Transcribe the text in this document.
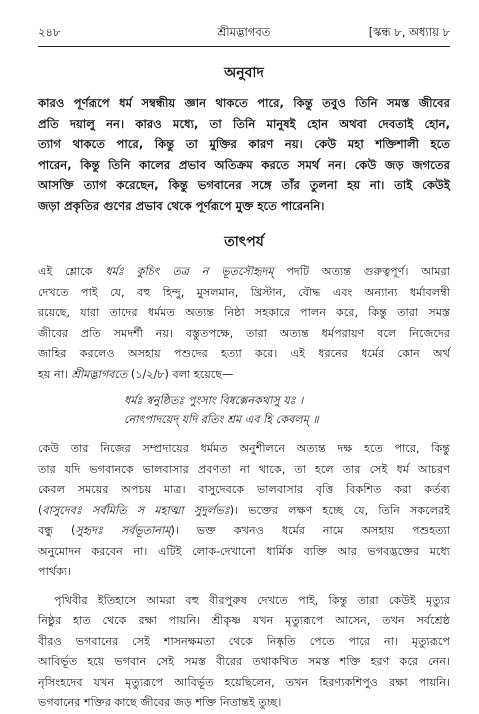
২৪৮	শ্রীমদ্ভাগবত	[স্কন্ধ ৮, অধ্যায় ৮
অনুবাদ

কারও পূর্ণরূপে ধর্ম সম্বন্ধীয় জ্ঞান থাকতে পারে, কিন্তু তবুও তিনি সমস্ত জীবের

প্রতি দয়ালু নন। কারও মধ্যে, তা তিনি মানুষই হোন অথবা দেবতাই হোন,

ত্যাগ থাকতে পারে, কিন্তু তা মুক্তির কারণ নয়। কেউ মহা শক্তিশালী হতে

পারেন, কিন্তু তিনি কালের প্রভাব অতিক্রম করতে সমর্থ নন। কেউ জড় জগতের

আসক্তি ত্যাগ করেছেন, কিন্তু ভগবানের সঙ্গে তাঁর তুলনা হয় না। তাই কেউই

জড়া প্রকৃতির গুণের প্রভাব থেকে পূর্ণরূপে মুক্ত হতে পারেননি।

তাৎপর্য

এই শ্লোকে ধর্মঃ কুচিৎ তত্র ন ভূতসৌহৃদম্‌ পদটি অত্যন্ত গুরুত্বপূর্ণ। আমরা

দেখতে পাই যে, বহু হিন্দু, মুসলমান, খ্রিস্টান, বৌদ্ধ এবং অন্যান্য ধর্মাবলম্বী

রয়েছে, যারা তাদের ধর্মমত অত্যন্ত নিষ্ঠা সহকারে পালন করে, কিন্তু তারা সমস্ত

জীবের প্রতি সমদর্শী নয়। বস্তুতপক্ষে, তারা অত্যন্ত ধর্মপরায়ণ বলে নিজেদের

জাহির করলেও অসহায় পশুদের হত্যা করে। এই ধরনের ধর্মের কোন অর্থ

হয় না। শ্রীমদ্ভাগবতে (১/২/৮) বলা হয়েছে—

ধর্মঃ স্বনুষ্ঠিতঃ পুংসাং বিষ্বক্সেনকথাসু যঃ ।
নোৎপাদয়েদ্‌ যদি রতিং শ্রম এব হি কেবলম্‌ ॥

কেউ তার নিজের সম্প্রদায়ের ধর্মমত অনুশীলনে অত্যন্ত দক্ষ হতে পারে, কিন্তু

তার যদি ভগবানকে ভালবাসার প্রবণতা না থাকে, তা হলে তার সেই ধর্ম আচরণ

কেবল সময়ের অপচয় মাত্র। বাসুদেবকে ভালবাসার বৃত্তি বিকশিত করা কর্তব্য

(বাসুদেবঃ সর্বমিতি স মহাত্মা সুদুর্লভঃ)। ভক্তের লক্ষণ হচ্ছে যে, তিনি সকলেরই

বন্ধু (সুহৃদঃ সর্বভূতানাম্)। ভক্ত কখনও ধর্মের নামে অসহায় পশুহত্যা

অনুমোদন করবেন না। এটিই লোক-দেখানো ধার্মিক ব্যক্তি আর ভগবদ্ভক্তের মধ্যে

পার্থক্য।

পৃথিবীর ইতিহাসে আমরা বহু বীরপুরুষ দেখতে পাই, কিন্তু তারা কেউই মৃত্যুর

নিষ্ঠুর হাত থেকে রক্ষা পায়নি। শ্রীকৃষ্ণ যখন মৃত্যুরূপে আসেন, তখন সর্বশ্রেষ্ঠ

বীরও ভগবানের সেই শাসনক্ষমতা থেকে নিষ্কৃতি পেতে পারে না। মৃত্যুরূপে

আবির্ভূত হয়ে ভগবান সেই সমস্ত বীরের তথাকথিত সমস্ত শক্তি হরণ করে নেন।

নৃসিংহদেব যখন মৃত্যুরূপে আবির্ভূত হয়েছিলেন, তখন হিরণ্যকশিপুও রক্ষা পায়নি।

ভগবানের শক্তির কাছে জীবের জড় শক্তি নিতান্তই তুচ্ছ।
